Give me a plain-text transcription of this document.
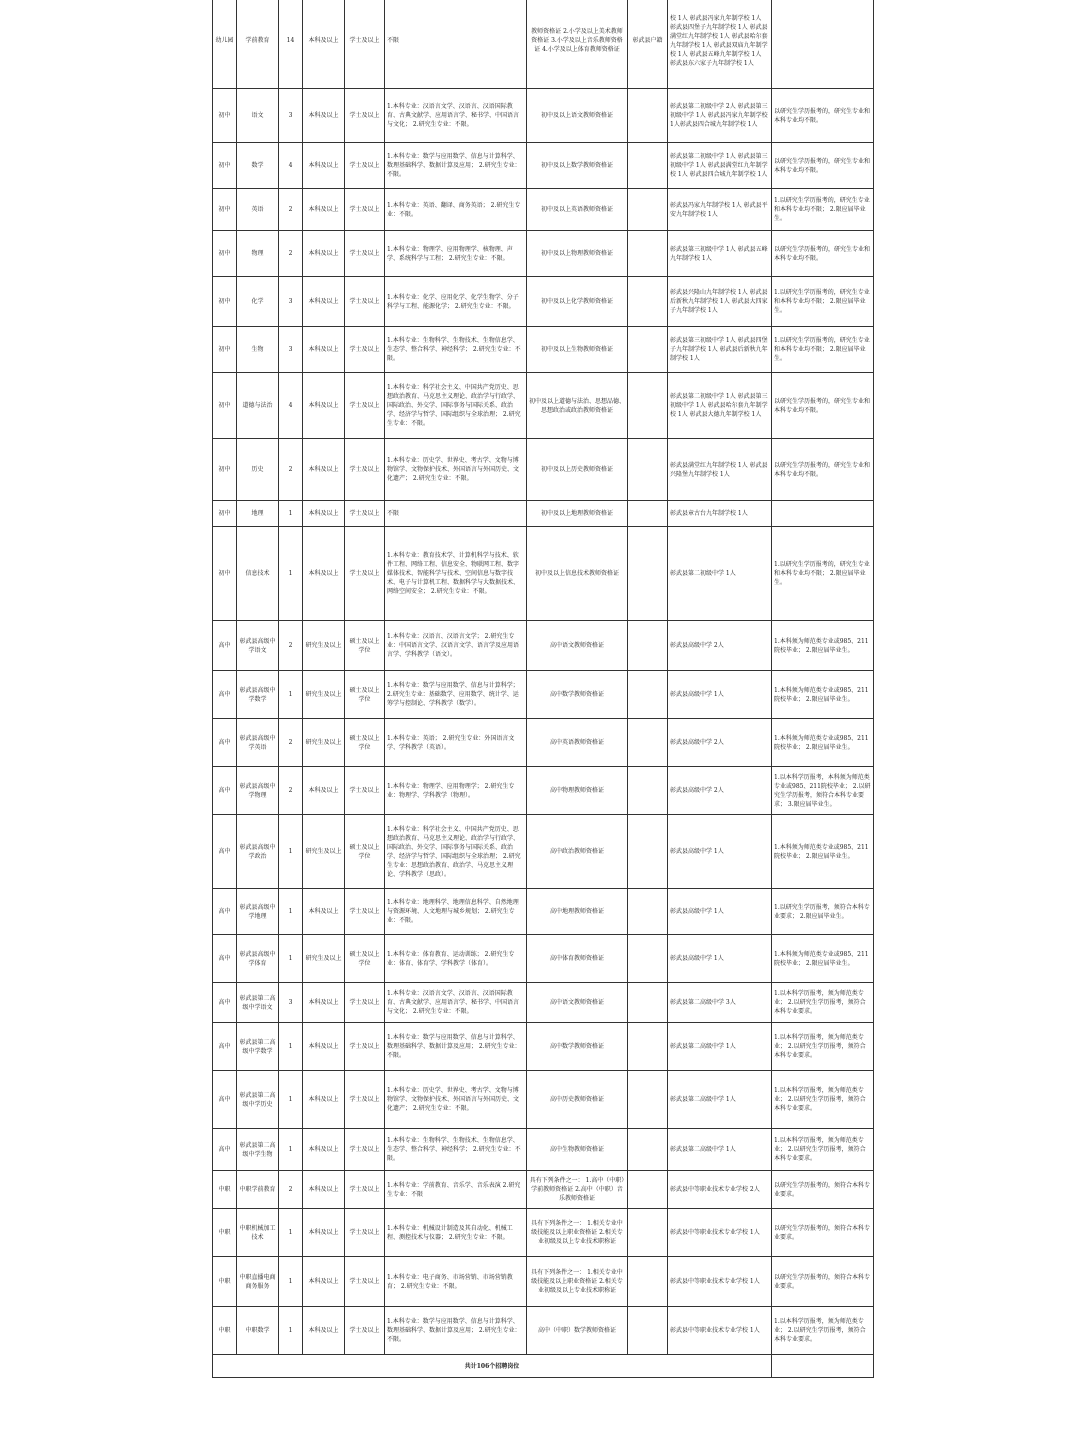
幼儿园	学前教育	14	本科及以上	学士及以上	不限	教师资格证 2.小学及以上美术教师资格证 3.小学及以上音乐教师资格证 4.小学及以上体育教师资格证	彰武县户籍	校 1人 彰武县冯家九年制学校 1人 彰武县四堡子九年制学校 1人 彰武县满堂红九年制学校 1人 彰武县哈尔套九年制学校 1人 彰武县双庙九年制学校 1人 彰武县五峰九年制学校 1人 彰武县东六家子九年制学校 1人	
初中	语文	3	本科及以上	学士及以上	1.本科专业：汉语言文学、汉语言、汉语国际教育、古典文献学、应用语言学、秘书学、中国语言与文化； 2.研究生专业：不限。	初中及以上语文教师资格证		彰武县第二初级中学 2人 彰武县第三初级中学 1人 彰武县冯家九年制学校 1人彰武县四合城九年制学校 1人	以研究生学历报考的，研究生专业和本科专业均不限。
初中	数学	4	本科及以上	学士及以上	1.本科专业：数学与应用数学、信息与计算科学、数理基础科学、数据计算及应用； 2.研究生专业：不限。	初中及以上数学教师资格证		彰武县第二初级中学 1人 彰武县第三初级中学 1人 彰武县满堂红九年制学校 1人 彰武县四合城九年制学校 1人	以研究生学历报考的，研究生专业和本科专业均不限。
初中	英语	2	本科及以上	学士及以上	1.本科专业：英语、翻译、商务英语； 2.研究生专业：不限。	初中及以上英语教师资格证		彰武县冯家九年制学校 1人 彰武县平安九年制学校 1人	1.以研究生学历报考的，研究生专业和本科专业均不限； 2.限应届毕业生。
初中	物理	2	本科及以上	学士及以上	1.本科专业：物理学、应用物理学、核物理、声学、系统科学与工程； 2.研究生专业：不限。	初中及以上物理教师资格证		彰武县第三初级中学 1人 彰武县五峰九年制学校 1人	以研究生学历报考的，研究生专业和本科专业均不限。
初中	化学	3	本科及以上	学士及以上	1.本科专业：化学、应用化学、化学生物学、分子科学与工程、能源化学； 2.研究生专业：不限。	初中及以上化学教师资格证		彰武县兴隆山九年制学校 1人 彰武县后新秋九年制学校 1人 彰武县大四家子九年制学校 1人	1.以研究生学历报考的，研究生专业和本科专业均不限； 2.限应届毕业生。
初中	生物	3	本科及以上	学士及以上	1.本科专业：生物科学、生物技术、生物信息学、生态学、整合科学、神经科学； 2.研究生专业：不限。	初中及以上生物教师资格证		彰武县第三初级中学 1人 彰武县四堡子九年制学校 1人 彰武县后新秋九年制学校 1人	1.以研究生学历报考的，研究生专业和本科专业均不限； 2.限应届毕业生。
初中	道德与法治	4	本科及以上	学士及以上	1.本科专业：科学社会主义、中国共产党历史、思想政治教育、马克思主义理论、政治学与行政学、国际政治、外交学、国际事务与国际关系、政治学、经济学与哲学、国际组织与全球治理； 2.研究生专业：不限。	初中及以上道德与法治、思想品德、思想政治或政治教师资格证		彰武县第二初级中学 1人 彰武县第三初级中学 1人 彰武县哈尔套九年制学校 1人 彰武县大德九年制学校 1人	以研究生学历报考的，研究生专业和本科专业均不限。
初中	历史	2	本科及以上	学士及以上	1.本科专业：历史学、世界史、考古学、文物与博物馆学、文物保护技术、外国语言与外国历史、文化遗产； 2.研究生专业：不限。	初中及以上历史教师资格证		彰武县满堂红九年制学校 1人 彰武县兴隆堡九年制学校 1人	以研究生学历报考的，研究生专业和本科专业均不限。
初中	地理	1	本科及以上	学士及以上	不限	初中及以上地理教师资格证		彰武县章古台九年制学校 1人	
初中	信息技术	1	本科及以上	学士及以上	1.本科专业：教育技术学、计算机科学与技术、软件工程、网络工程、信息安全、物联网工程、数字媒体技术、智能科学与技术、空间信息与数字技术、电子与计算机工程、数据科学与大数据技术、网络空间安全； 2.研究生专业：不限。	初中及以上信息技术教师资格证		彰武县第二初级中学 1人	1.以研究生学历报考的，研究生专业和本科专业均不限； 2.限应届毕业生。
高中	彰武县高级中学语文	2	研究生及以上	硕士及以上学位	1.本科专业：汉语言、汉语言文学； 2.研究生专业：中国语言文学、汉语言文学、语言学及应用语言学、学科教学（语文）。	高中语文教师资格证		彰武县高级中学 2人	1.本科须为师范类专业或985、211院校毕业； 2.限应届毕业生。
高中	彰武县高级中学数学	1	研究生及以上	硕士及以上学位	1.本科专业：数学与应用数学、信息与计算科学； 2.研究生专业：基础数学、应用数学、统计学、运筹学与控制论、学科教学（数学）。	高中数学教师资格证		彰武县高级中学 1人	1.本科须为师范类专业或985、211院校毕业； 2.限应届毕业生。
高中	彰武县高级中学英语	2	研究生及以上	硕士及以上学位	1.本科专业：英语； 2.研究生专业：外国语言文学、学科教学（英语）。	高中英语教师资格证		彰武县高级中学 2人	1.本科须为师范类专业或985、211院校毕业； 2.限应届毕业生。
高中	彰武县高级中学物理	2	本科及以上	学士及以上	1.本科专业：物理学、应用物理学； 2.研究生专业：物理学、学科教学（物理）。	高中物理教师资格证		彰武县高级中学 2人	1.以本科学历报考，本科须为师范类专业或985、211院校毕业； 2.以研究生学历报考，须符合本科专业要求； 3.限应届毕业生。
高中	彰武县高级中学政治	1	研究生及以上	硕士及以上学位	1.本科专业：科学社会主义、中国共产党历史、思想政治教育、马克思主义理论、政治学与行政学、国际政治、外交学、国际事务与国际关系、政治学、经济学与哲学、国际组织与全球治理； 2.研究生专业：思想政治教育、政治学、马克思主义理论、学科教学（思政）。	高中政治教师资格证		彰武县高级中学 1人	1.本科须为师范类专业或985、211院校毕业； 2.限应届毕业生。
高中	彰武县高级中学地理	1	本科及以上	学士及以上	1.本科专业：地理科学、地理信息科学、自然地理与资源环境、人文地理与城乡规划； 2.研究生专业：不限。	高中地理教师资格证		彰武县高级中学 1人	1.以研究生学历报考，须符合本科专业要求； 2.限应届毕业生。
高中	彰武县高级中学体育	1	研究生及以上	硕士及以上学位	1.本科专业：体育教育、运动训练； 2.研究生专业：体育、体育学、学科教学（体育）。	高中体育教师资格证		彰武县高级中学 1人	1.本科须为师范类专业或985、211院校毕业； 2.限应届毕业生。
高中	彰武县第二高级中学语文	3	本科及以上	学士及以上	1.本科专业：汉语言文学、汉语言、汉语国际教育、古典文献学、应用语言学、秘书学、中国语言与文化； 2.研究生专业：不限。	高中语文教师资格证		彰武县第二高级中学 3人	1.以本科学历报考，须为师范类专业； 2.以研究生学历报考，须符合本科专业要求。
高中	彰武县第二高级中学数学	1	本科及以上	学士及以上	1.本科专业：数学与应用数学、信息与计算科学、数理基础科学、数据计算及应用； 2.研究生专业：不限。	高中数学教师资格证		彰武县第二高级中学 1人	1.以本科学历报考，须为师范类专业； 2.以研究生学历报考，须符合本科专业要求。
高中	彰武县第二高级中学历史	1	本科及以上	学士及以上	1.本科专业：历史学、世界史、考古学、文物与博物馆学、文物保护技术、外国语言与外国历史、文化遗产； 2.研究生专业：不限。	高中历史教师资格证		彰武县第二高级中学 1人	1.以本科学历报考，须为师范类专业； 2.以研究生学历报考，须符合本科专业要求。
高中	彰武县第二高级中学生物	1	本科及以上	学士及以上	1.本科专业：生物科学、生物技术、生物信息学、生态学、整合科学、神经科学； 2.研究生专业：不限。	高中生物教师资格证		彰武县第二高级中学 1人	1.以本科学历报考，须为师范类专业； 2.以研究生学历报考，须符合本科专业要求。
中职	中职学前教育	2	本科及以上	学士及以上	1.本科专业：学前教育、音乐学、音乐表演 2.研究生专业：不限	具有下列条件之一： 1.高中（中职）学前教师资格证 2.高中（中职）音乐教师资格证		彰武县中等职业技术专业学校 2人	以研究生学历报考的，须符合本科专业要求。
中职	中职机械加工技术	1	本科及以上	学士及以上	1.本科专业：机械设计制造及其自动化、机械工程、测控技术与仪器； 2.研究生专业：不限。	具有下列条件之一： 1.相关专业中级技能及以上职业资格证 2.相关专业初级及以上专业技术职称证		彰武县中等职业技术专业学校 1人	以研究生学历报考的，须符合本科专业要求。
中职	中职直播电商商务服务	1	本科及以上	学士及以上	1.本科专业：电子商务、市场营销、市场营销教育； 2.研究生专业：不限。	具有下列条件之一： 1.相关专业中级技能及以上职业资格证 2.相关专业初级及以上专业技术职称证		彰武县中等职业技术专业学校 1人	以研究生学历报考的，须符合本科专业要求。
中职	中职数学	1	本科及以上	学士及以上	1.本科专业：数学与应用数学、信息与计算科学、数理基础科学、数据计算及应用； 2.研究生专业：不限。	高中（中职）数学教师资格证		彰武县中等职业技术专业学校 1人	1.以本科学历报考，须为师范类专业； 2.以研究生学历报考，须符合本科专业要求。
共计106个招聘岗位									
